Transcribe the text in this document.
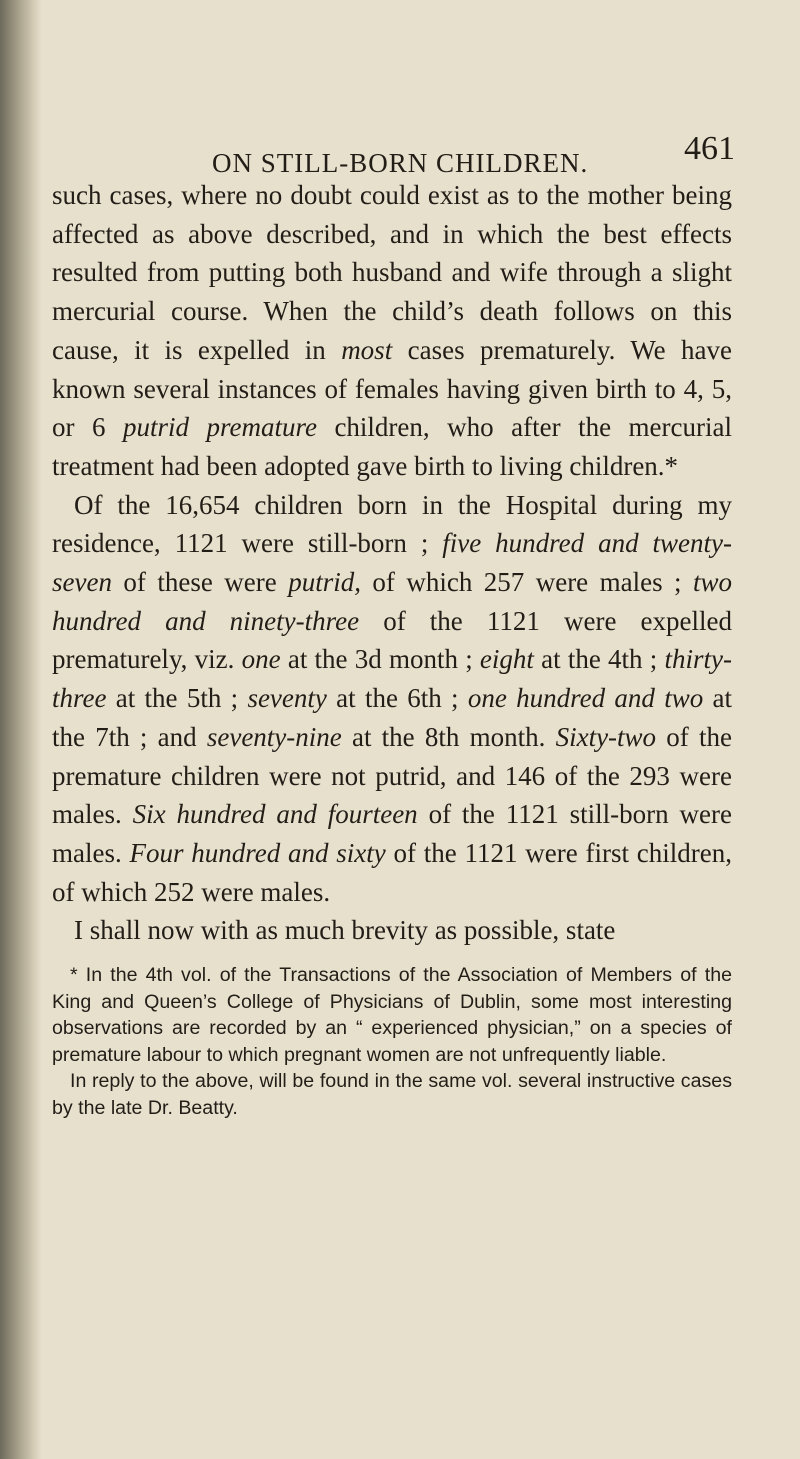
ON STILL-BORN CHILDREN.	461

such cases, where no doubt could exist as to the mother being affected as above described, and in which the best effects resulted from putting both husband and wife through a slight mercurial course. When the child’s death follows on this cause, it is expelled in most cases prematurely. We have known several instances of females having given birth to 4, 5, or 6 putrid premature children, who after the mercurial treatment had been adopted gave birth to living children.*

Of the 16,654 children born in the Hospital during my residence, 1121 were still-born ; five hundred and twenty-seven of these were putrid, of which 257 were males ; two hundred and ninety-three of the 1121 were expelled prematurely, viz. one at the 3d month ; eight at the 4th ; thirty-three at the 5th ; seventy at the 6th ; one hundred and two at the 7th ; and seventy-nine at the 8th month. Sixty-two of the premature children were not putrid, and 146 of the 293 were males. Six hundred and fourteen of the 1121 still-born were males. Four hundred and sixty of the 1121 were first children, of which 252 were males.

I shall now with as much brevity as possible, state

* In the 4th vol. of the Transactions of the Association of Members of the King and Queen’s College of Physicians of Dublin, some most interesting observations are recorded by an “ experienced physician,” on a species of premature labour to which pregnant women are not unfrequently liable.

In reply to the above, will be found in the same vol. several instructive cases by the late Dr. Beatty.
